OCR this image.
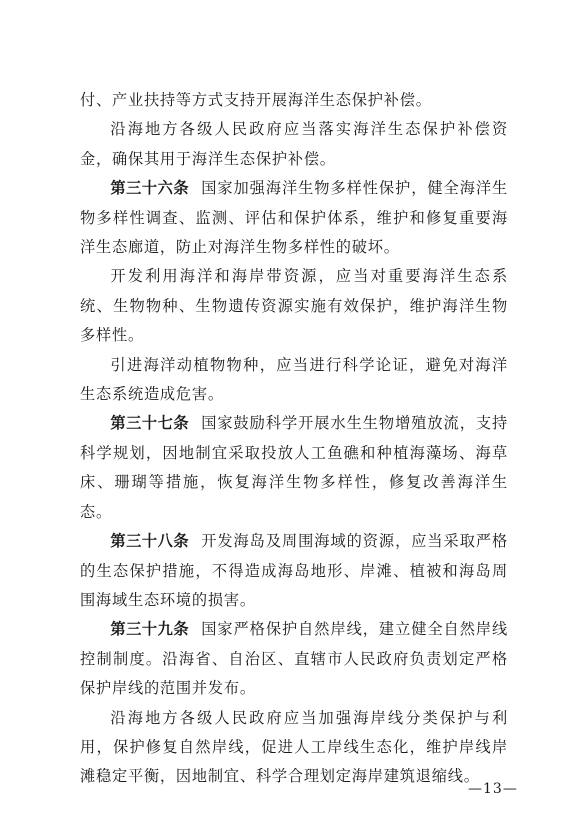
付、产业扶持等方式支持开展海洋生态保护补偿。

沿海地方各级人民政府应当落实海洋生态保护补偿资金，确保其用于海洋生态保护补偿。

第三十六条 国家加强海洋生物多样性保护，健全海洋生物多样性调查、监测、评估和保护体系，维护和修复重要海洋生态廊道，防止对海洋生物多样性的破坏。

开发利用海洋和海岸带资源，应当对重要海洋生态系统、生物物种、生物遗传资源实施有效保护，维护海洋生物多样性。

引进海洋动植物物种，应当进行科学论证，避免对海洋生态系统造成危害。

第三十七条 国家鼓励科学开展水生生物增殖放流，支持科学规划，因地制宜采取投放人工鱼礁和种植海藻场、海草床、珊瑚等措施，恢复海洋生物多样性，修复改善海洋生态。

第三十八条 开发海岛及周围海域的资源，应当采取严格的生态保护措施，不得造成海岛地形、岸滩、植被和海岛周围海域生态环境的损害。

第三十九条 国家严格保护自然岸线，建立健全自然岸线控制制度。沿海省、自治区、直辖市人民政府负责划定严格保护岸线的范围并发布。

沿海地方各级人民政府应当加强海岸线分类保护与利用，保护修复自然岸线，促进人工岸线生态化，维护岸线岸滩稳定平衡，因地制宜、科学合理划定海岸建筑退缩线。

—13—
